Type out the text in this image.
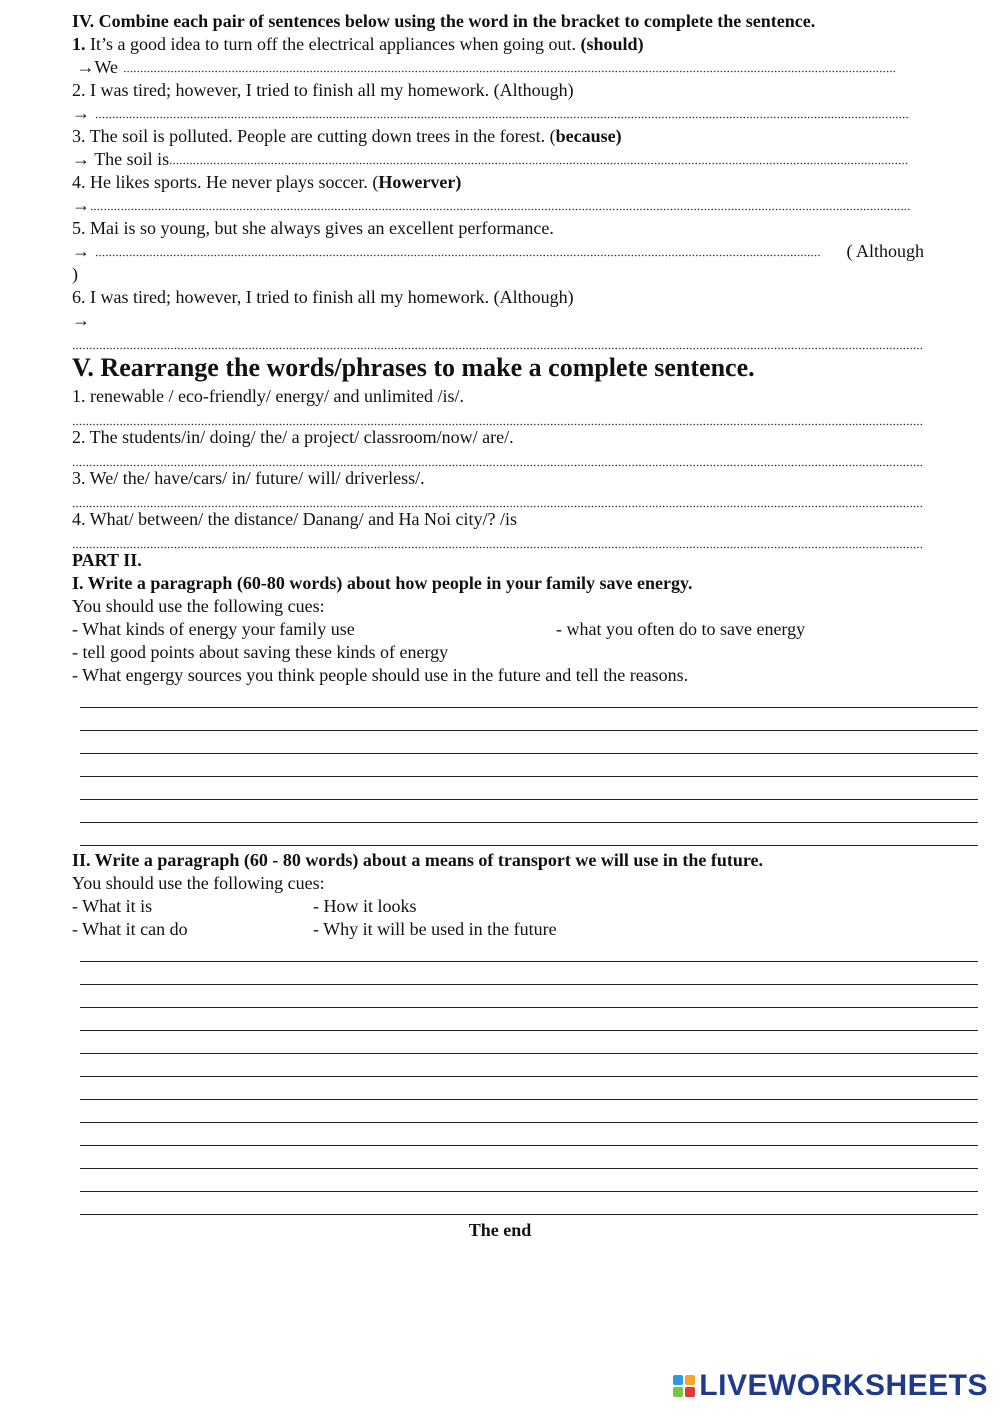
IV. Combine each pair of sentences below using the word in the bracket to complete the sentence.
1. It’s a good idea to turn off the electrical appliances when going out. (should)
→We
2. I was tired; however, I tried to finish all my homework. (Although)
→
3. The soil is polluted. People are cutting down trees in the forest. (because)
→ The soil is
4. He likes sports. He never plays soccer. (Howerver)
→
5. Mai is so young, but she always gives an excellent performance.
→	( Although
)
6. I was tired; however, I tried to finish all my homework. (Although)
→
V. Rearrange the words/phrases to make a complete sentence.
1. renewable / eco-friendly/ energy/ and unlimited /is/.
2. The students/in/ doing/ the/ a project/ classroom/now/ are/.
3. We/ the/ have/cars/ in/ future/ will/ driverless/.
4. What/ between/ the distance/ Danang/ and Ha Noi city/? /is
PART II.
I. Write a paragraph (60-80 words) about how people in your family save energy.
You should use the following cues:
- What kinds of energy your family use	- what you often do to save energy
- tell good points about saving these kinds of energy
- What engergy sources you think people should use in the future and tell the reasons.
II. Write a paragraph (60 - 80 words) about a means of transport we will use in the future.
You should use the following cues:
- What it is	- How it looks
- What it can do	- Why it will be used in the future
The end
LIVEWORKSHEETS
